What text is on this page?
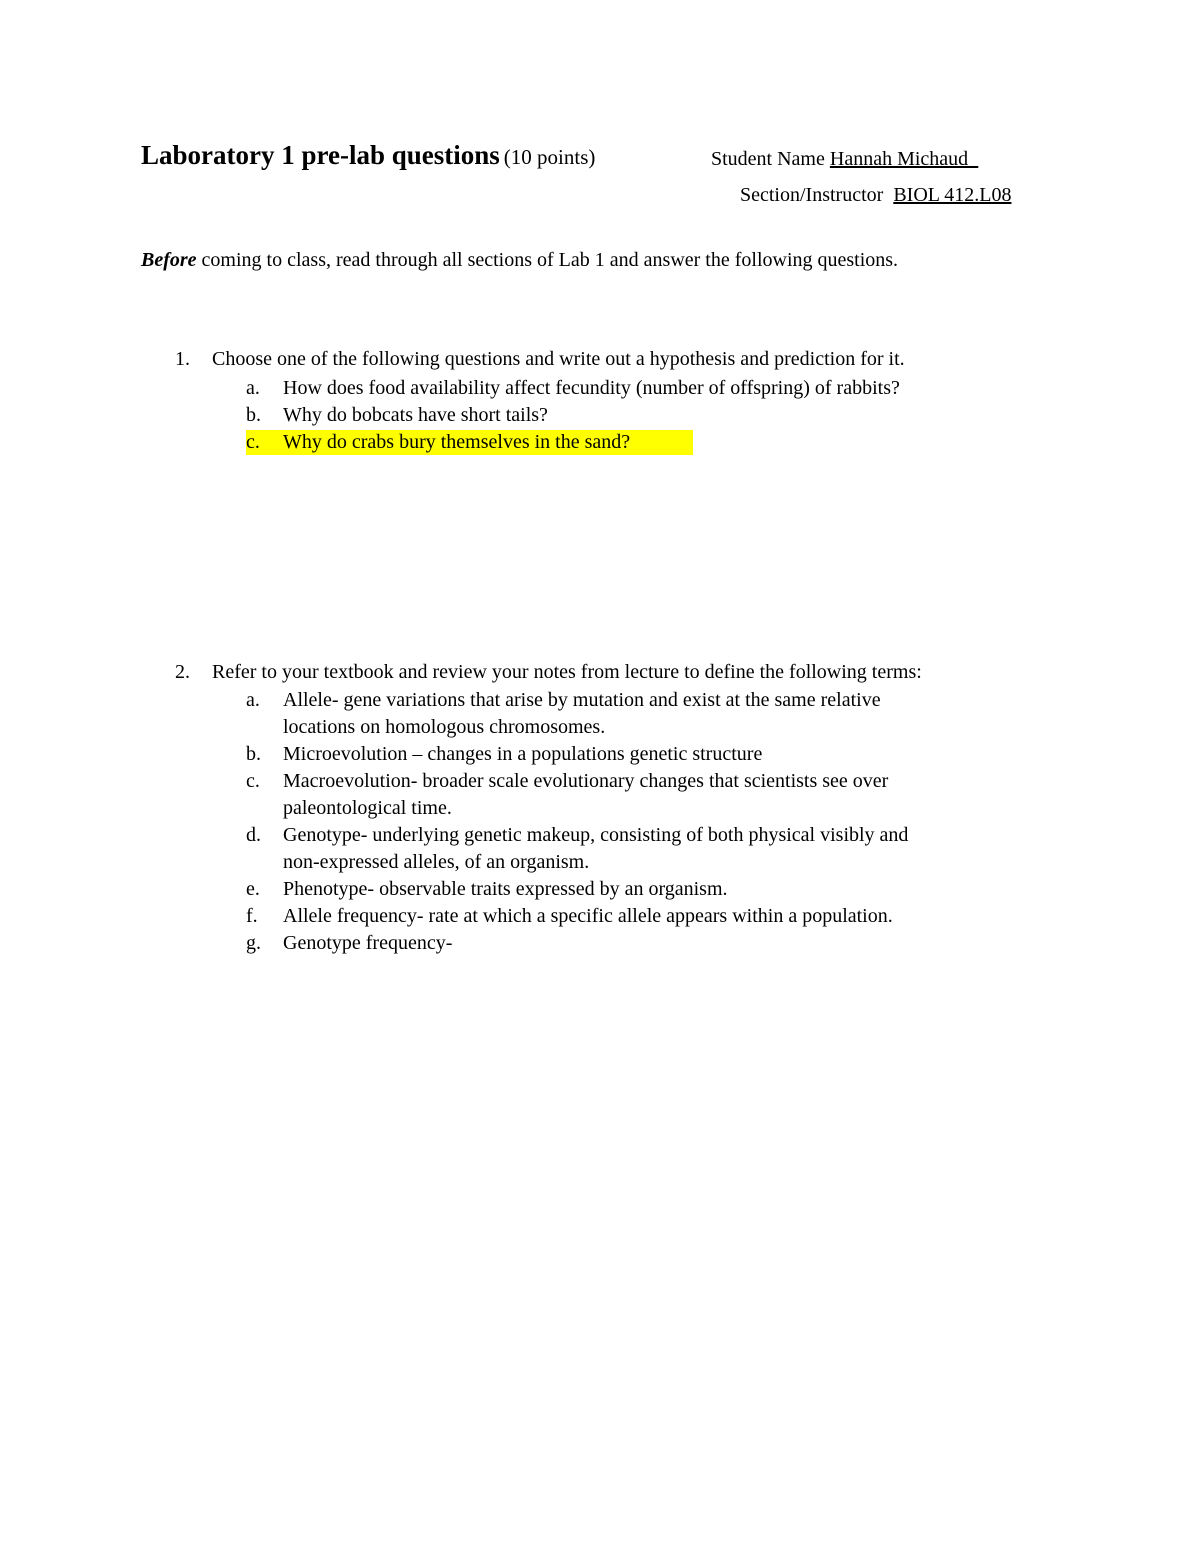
Laboratory 1 pre-lab questions (10 points)	Student Name Hannah Michaud_
Section/Instructor  BIOL 412.L08
Before coming to class, read through all sections of Lab 1 and answer the following questions.
1. Choose one of the following questions and write out a hypothesis and prediction for it.
a. How does food availability affect fecundity (number of offspring) of rabbits?
b. Why do bobcats have short tails?
c. Why do crabs bury themselves in the sand?
2. Refer to your textbook and review your notes from lecture to define the following terms:
a. Allele- gene variations that arise by mutation and exist at the same relative
locations on homologous chromosomes.
b. Microevolution – changes in a populations genetic structure
c. Macroevolution- broader scale evolutionary changes that scientists see over
paleontological time.
d. Genotype- underlying genetic makeup, consisting of both physical visibly and
non-expressed alleles, of an organism.
e. Phenotype- observable traits expressed by an organism.
f. Allele frequency- rate at which a specific allele appears within a population.
g. Genotype frequency-
